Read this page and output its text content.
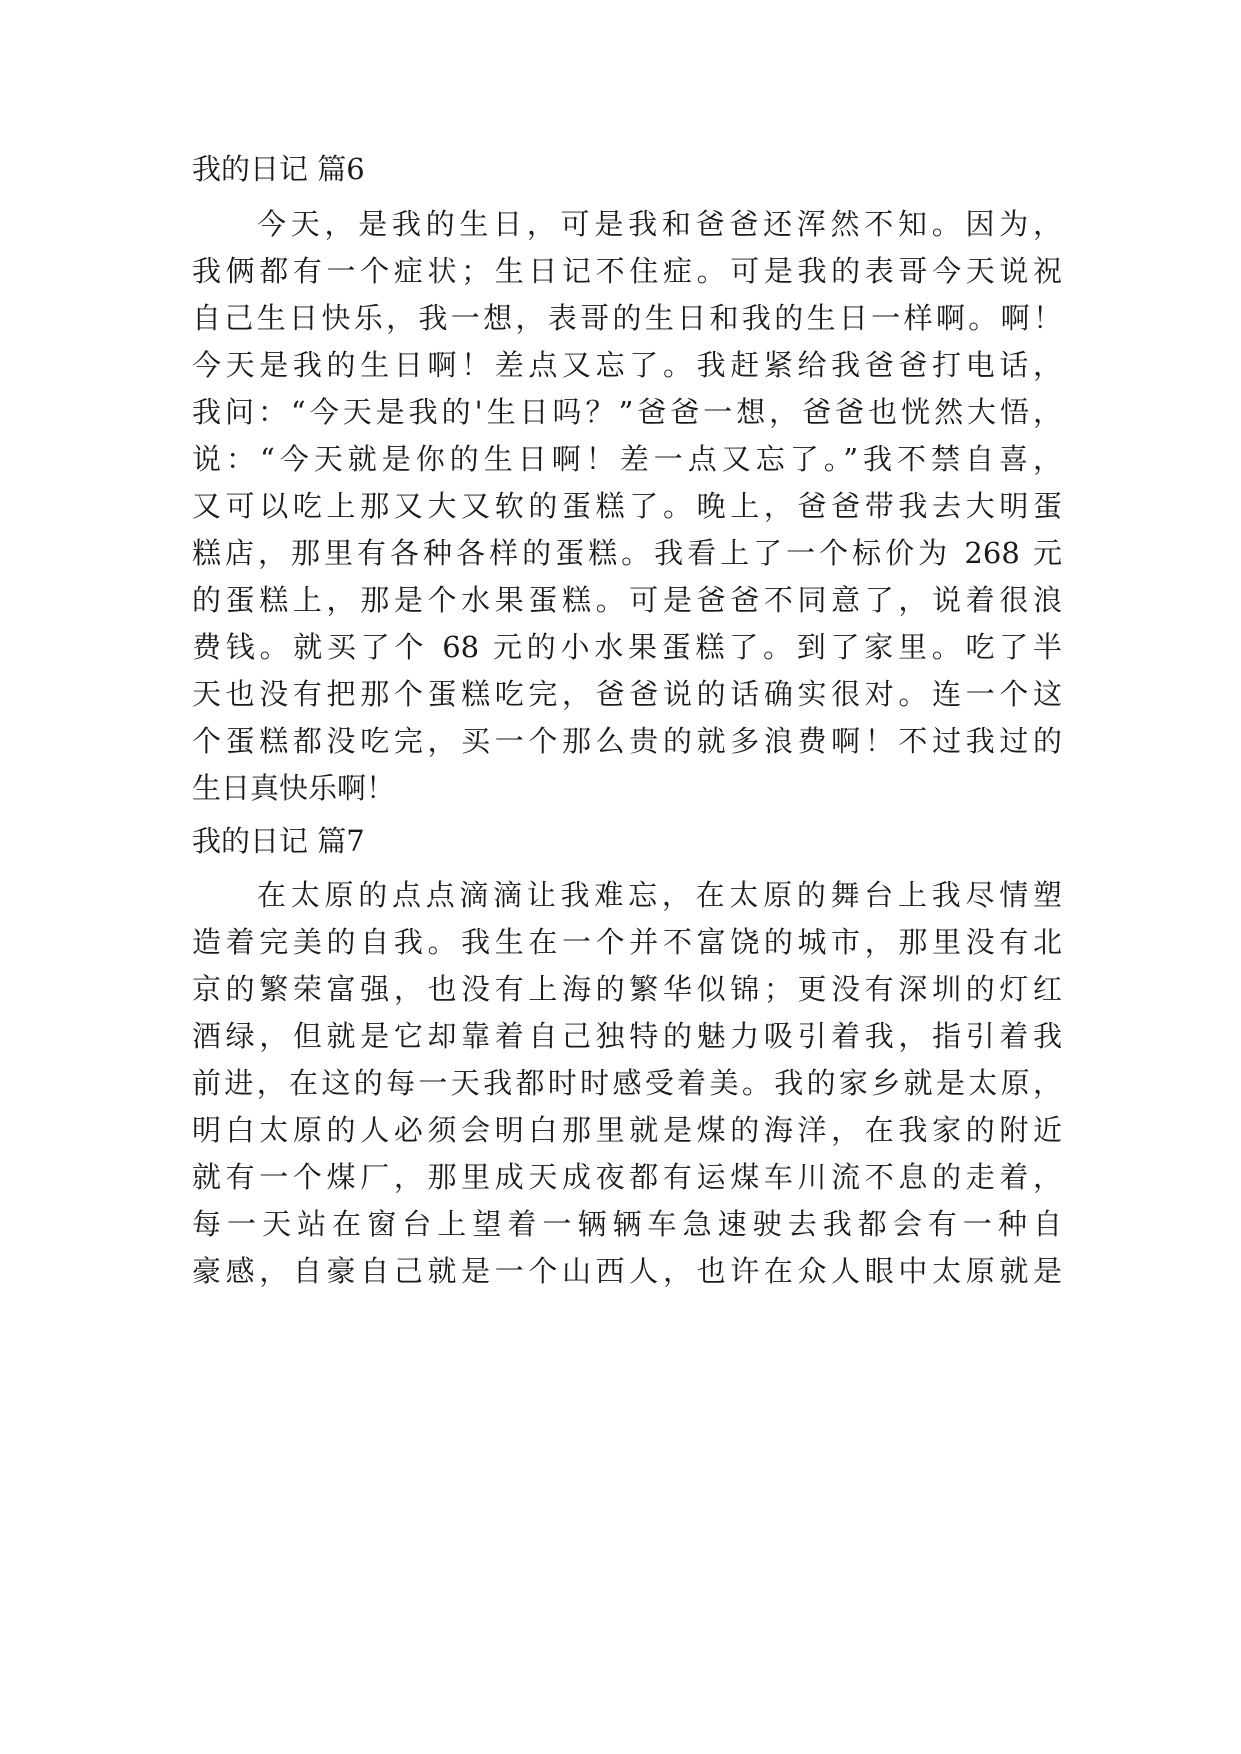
我的日记 篇6
今天，是我的生日，可是我和爸爸还浑然不知。因为，
我俩都有一个症状；生日记不住症。可是我的表哥今天说祝
自己生日快乐，我一想，表哥的生日和我的生日一样啊。啊！
今天是我的生日啊！差点又忘了。我赶紧给我爸爸打电话，
我问：“今天是我的'生日吗？”爸爸一想，爸爸也恍然大悟，
说：“今天就是你的生日啊！差一点又忘了。”我不禁自喜，
又可以吃上那又大又软的蛋糕了。晚上，爸爸带我去大明蛋
糕店，那里有各种各样的蛋糕。我看上了一个标价为 268 元
的蛋糕上，那是个水果蛋糕。可是爸爸不同意了，说着很浪
费钱。就买了个 68 元的小水果蛋糕了。到了家里。吃了半
天也没有把那个蛋糕吃完，爸爸说的话确实很对。连一个这
个蛋糕都没吃完，买一个那么贵的就多浪费啊！不过我过的
生日真快乐啊！
我的日记 篇7
在太原的点点滴滴让我难忘，在太原的舞台上我尽情塑
造着完美的自我。我生在一个并不富饶的城市，那里没有北
京的繁荣富强，也没有上海的繁华似锦；更没有深圳的灯红
酒绿，但就是它却靠着自己独特的魅力吸引着我，指引着我
前进，在这的每一天我都时时感受着美。我的家乡就是太原，
明白太原的人必须会明白那里就是煤的海洋，在我家的附近
就有一个煤厂，那里成天成夜都有运煤车川流不息的走着，
每一天站在窗台上望着一辆辆车急速驶去我都会有一种自
豪感，自豪自己就是一个山西人，也许在众人眼中太原就是
